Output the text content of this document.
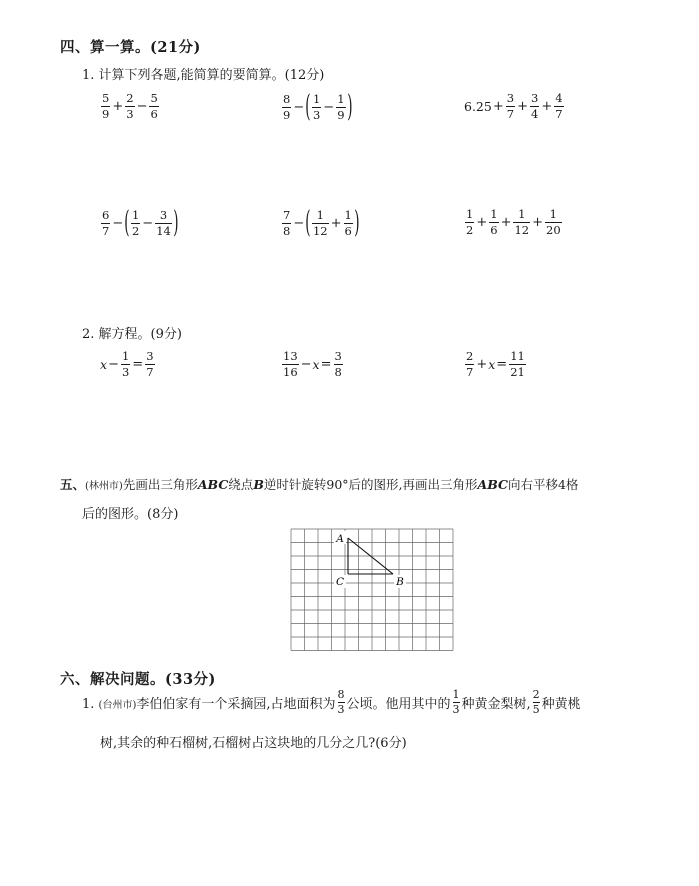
四、算一算。(21分)
1. 计算下列各题,能简算的要简算。(12分)
$\frac{5}{9} + \frac{2}{3} - \frac{5}{6}$	$\frac{8}{9}$ − ( $\frac{1}{3} - \frac{1}{9}$ )	$6.25 + \frac{3}{7} + \frac{3}{4} + \frac{4}{7}$
$\frac{6}{7}$ − ( $\frac{1}{2} - \frac{3}{14}$ )	$\frac{7}{8}$ − ( $\frac{1}{12} + \frac{1}{6}$ )	$\frac{1}{2} + \frac{1}{6} + \frac{1}{12} + \frac{1}{20}$
2. 解方程。(9分)
$x - \frac{1}{3} = \frac{3}{7}$	$\frac{13}{16} - x = \frac{3}{8}$	$\frac{2}{7} + x = \frac{11}{21}$
五、(林州市)先画出三角形ABC绕点B逆时针旋转90°后的图形,再画出三角形ABC向右平移4格
后的图形。(8分)
A
C	B
六、解决问题。(33分)
1. (台州市)李伯伯家有一个采摘园,占地面积为 $\frac{8}{3}$ 公顷。他用其中的 $\frac{1}{3}$ 种黄金梨树, $\frac{2}{5}$ 种黄桃
树,其余的种石榴树,石榴树占这块地的几分之几?(6分)
